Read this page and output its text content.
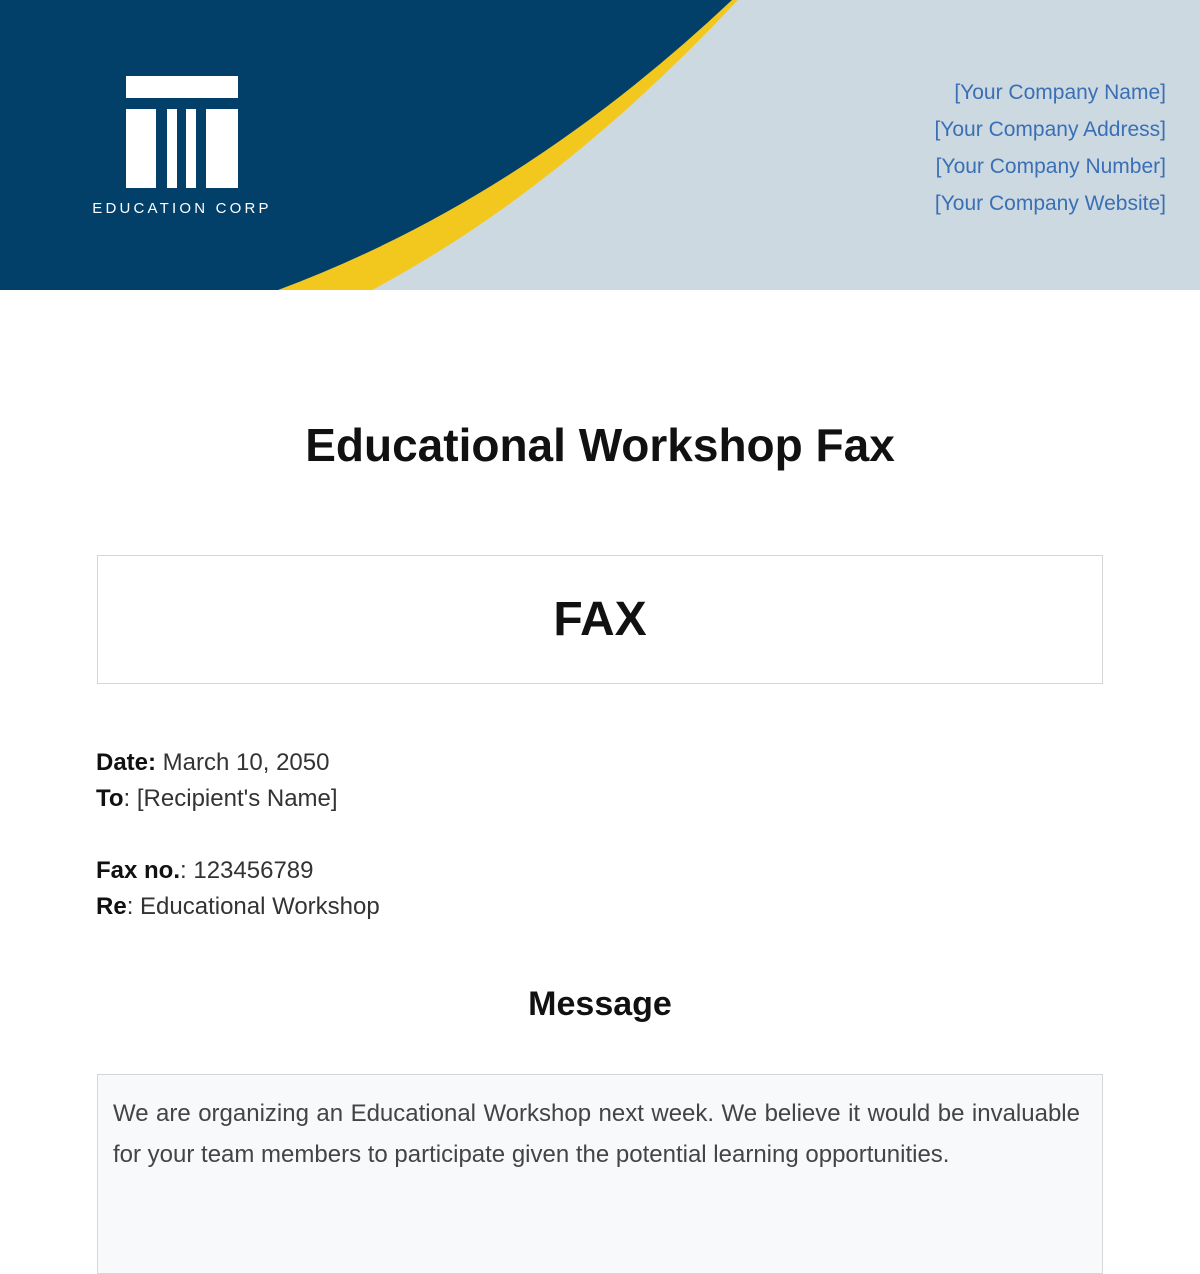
EDUCATION CORP
[Your Company Name]
[Your Company Address]
[Your Company Number]
[Your Company Website]
Educational Workshop Fax
FAX
Date: March 10, 2050
To: [Recipient's Name]
Fax no.: 123456789
Re: Educational Workshop
Message
We are organizing an Educational Workshop next week. We believe it would be invaluable for your team members to participate given the potential learning opportunities.
